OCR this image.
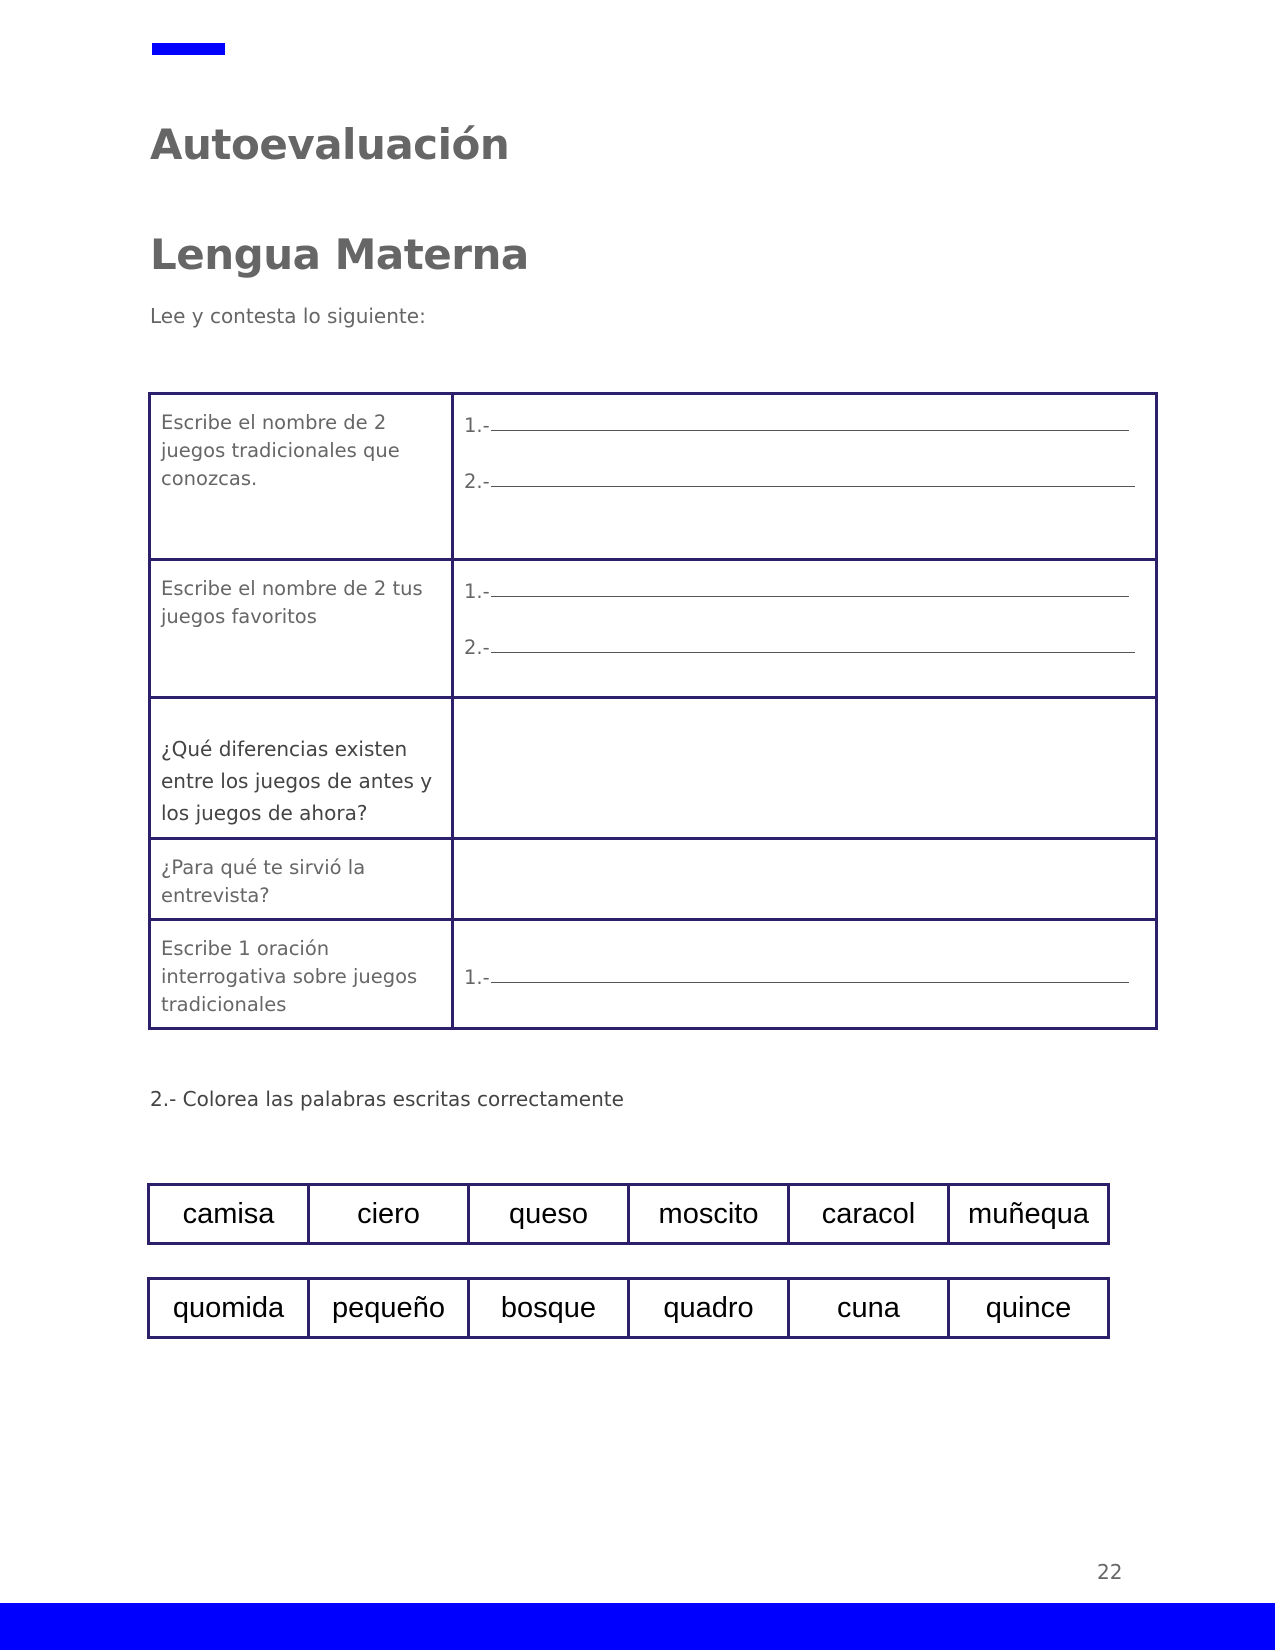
Autoevaluación
Lengua Materna
Lee y contesta lo siguiente:
Escribe el nombre de 2 juegos tradicionales que conozcas.	1.-
2.-

Escribe el nombre de 2 tus juegos favoritos	1.-
2.-

¿Qué diferencias existen entre los juegos de antes y los juegos de ahora?	
¿Para qué te sirvió la entrevista?	
Escribe 1 oración interrogativa sobre juegos tradicionales	1.-
2.- Colorea las palabras escritas correctamente
camisa	ciero	queso	moscito	caracol	muñequa
quomida	pequeño	bosque	quadro	cuna	quince
22
